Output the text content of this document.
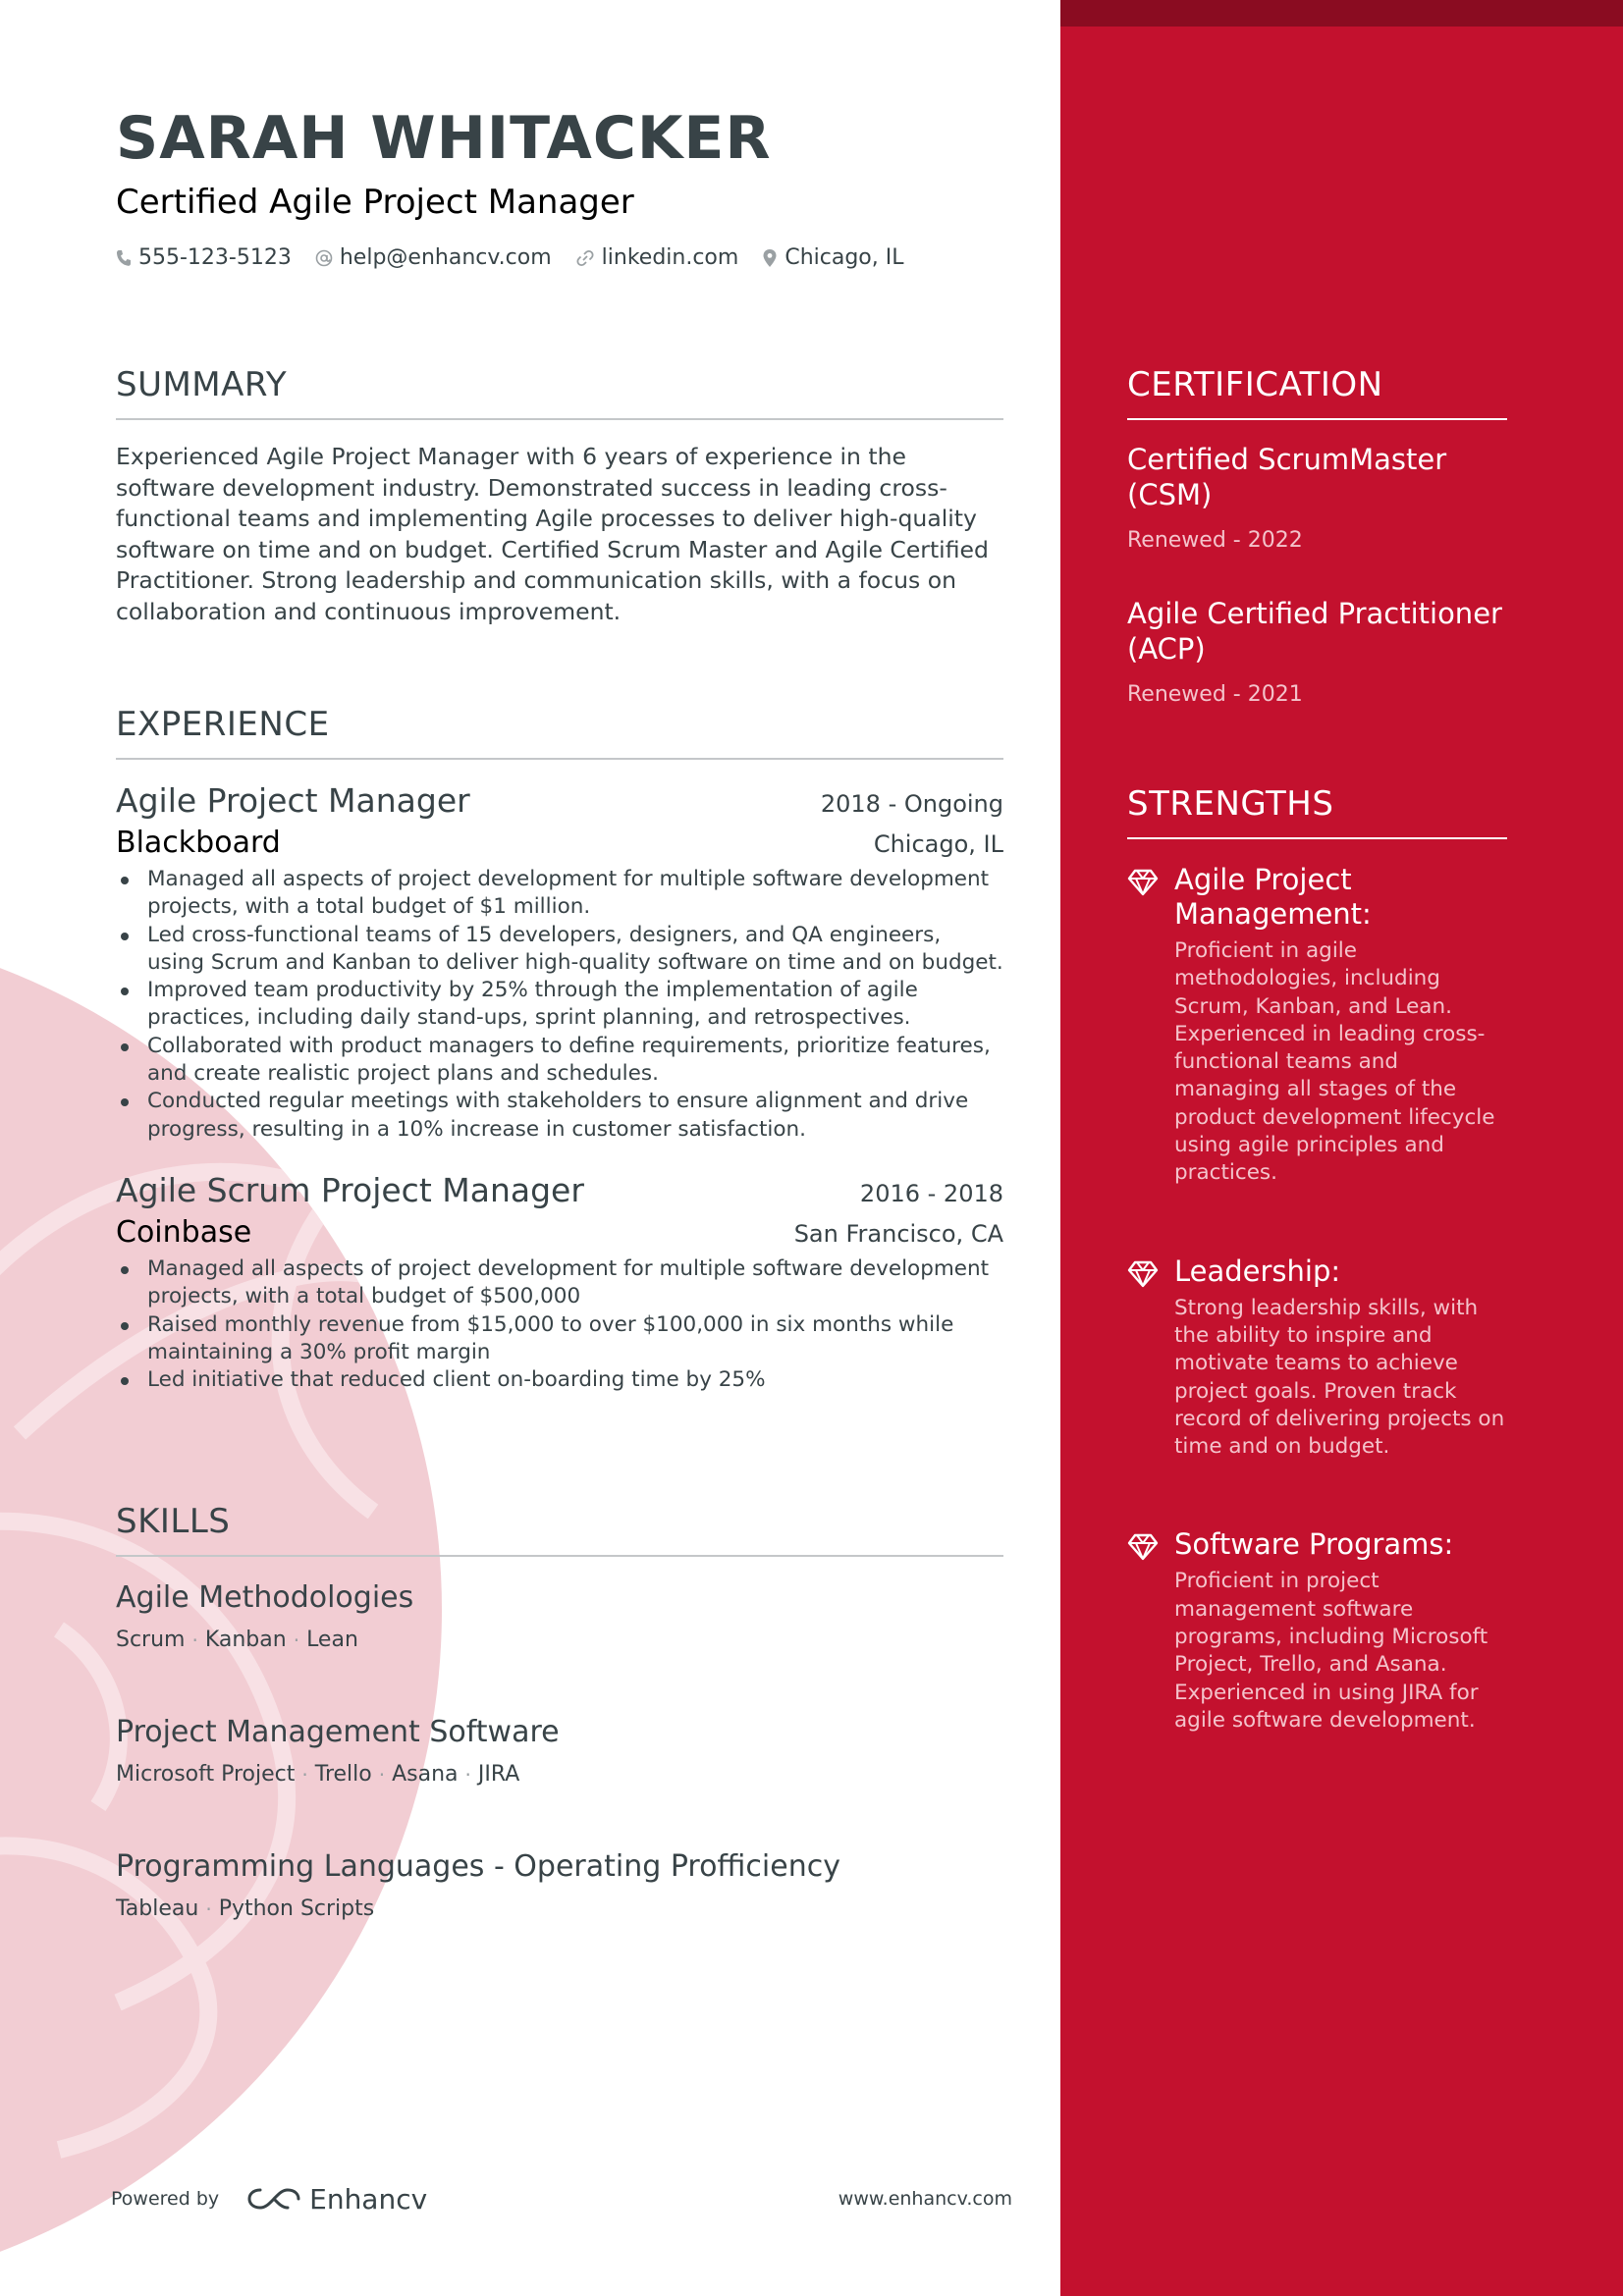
SARAH WHITACKER
Certified Agile Project Manager
555-123-5123 help@enhancv.com linkedin.com Chicago, IL
SUMMARY
Experienced Agile Project Manager with 6 years of experience in the software development industry. Demonstrated success in leading cross-functional teams and implementing Agile processes to deliver high-quality software on time and on budget. Certified Scrum Master and Agile Certified Practitioner. Strong leadership and communication skills, with a focus on collaboration and continuous improvement.
EXPERIENCE
Agile Project Manager	2018 - Ongoing
Blackboard	Chicago, IL
Managed all aspects of project development for multiple software development projects, with a total budget of $1 million.
Led cross-functional teams of 15 developers, designers, and QA engineers, using Scrum and Kanban to deliver high-quality software on time and on budget.
Improved team productivity by 25% through the implementation of agile practices, including daily stand-ups, sprint planning, and retrospectives.
Collaborated with product managers to define requirements, prioritize features, and create realistic project plans and schedules.
Conducted regular meetings with stakeholders to ensure alignment and drive progress, resulting in a 10% increase in customer satisfaction.
Agile Scrum Project Manager	2016 - 2018
Coinbase	San Francisco, CA
Managed all aspects of project development for multiple software development projects, with a total budget of $500,000
Raised monthly revenue from $15,000 to over $100,000 in six months while maintaining a 30% profit margin
Led initiative that reduced client on-boarding time by 25%
SKILLS
Agile Methodologies
Scrum · Kanban · Lean
Project Management Software
Microsoft Project · Trello · Asana · JIRA
Programming Languages - Operating Profficiency
Tableau · Python Scripts
CERTIFICATION
Certified ScrumMaster (CSM)
Renewed - 2022
Agile Certified Practitioner (ACP)
Renewed - 2021
STRENGTHS
Agile Project Management:
Proficient in agile methodologies, including Scrum, Kanban, and Lean. Experienced in leading cross-functional teams and managing all stages of the product development lifecycle using agile principles and practices.
Leadership:
Strong leadership skills, with the ability to inspire and motivate teams to achieve project goals. Proven track record of delivering projects on time and on budget.
Software Programs:
Proficient in project management software programs, including Microsoft Project, Trello, and Asana. Experienced in using JIRA for agile software development.
Powered by	Enhancv	www.enhancv.com
